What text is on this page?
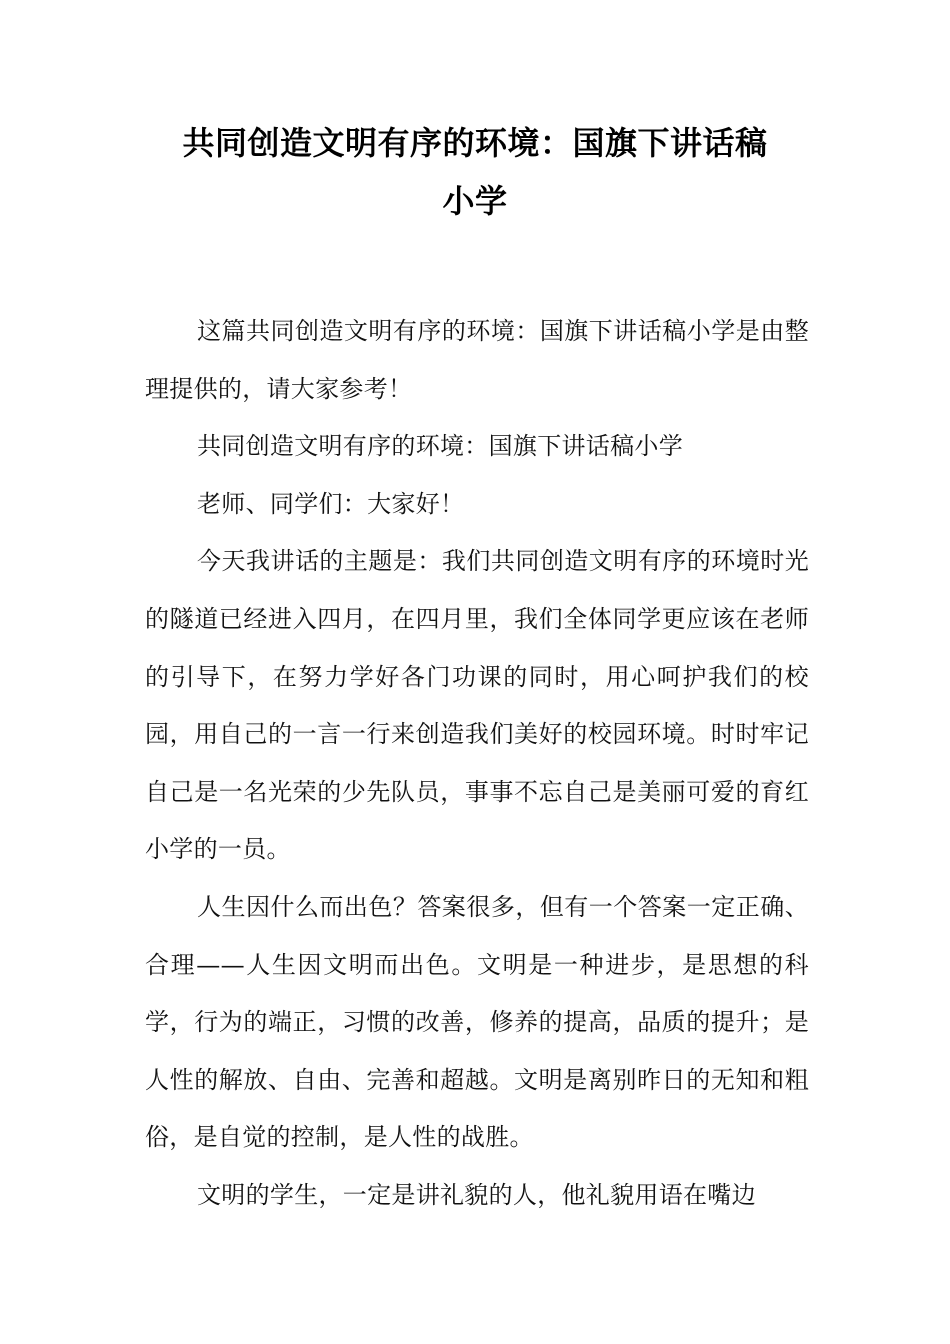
共同创造文明有序的环境：国旗下讲话稿
小学

这篇共同创造文明有序的环境：国旗下讲话稿小学是由整理提供的，请大家参考！

共同创造文明有序的环境：国旗下讲话稿小学

老师、同学们：大家好！

今天我讲话的主题是：我们共同创造文明有序的环境时光的隧道已经进入四月，在四月里，我们全体同学更应该在老师的引导下，在努力学好各门功课的同时，用心呵护我们的校园，用自己的一言一行来创造我们美好的校园环境。时时牢记自己是一名光荣的少先队员，事事不忘自己是美丽可爱的育红小学的一员。

人生因什么而出色？答案很多，但有一个答案一定正确、合理——人生因文明而出色。文明是一种进步，是思想的科学，行为的端正，习惯的改善，修养的提高，品质的提升；是人性的解放、自由、完善和超越。文明是离别昨日的无知和粗俗，是自觉的控制，是人性的战胜。

文明的学生，一定是讲礼貌的人，他礼貌用语在嘴边
